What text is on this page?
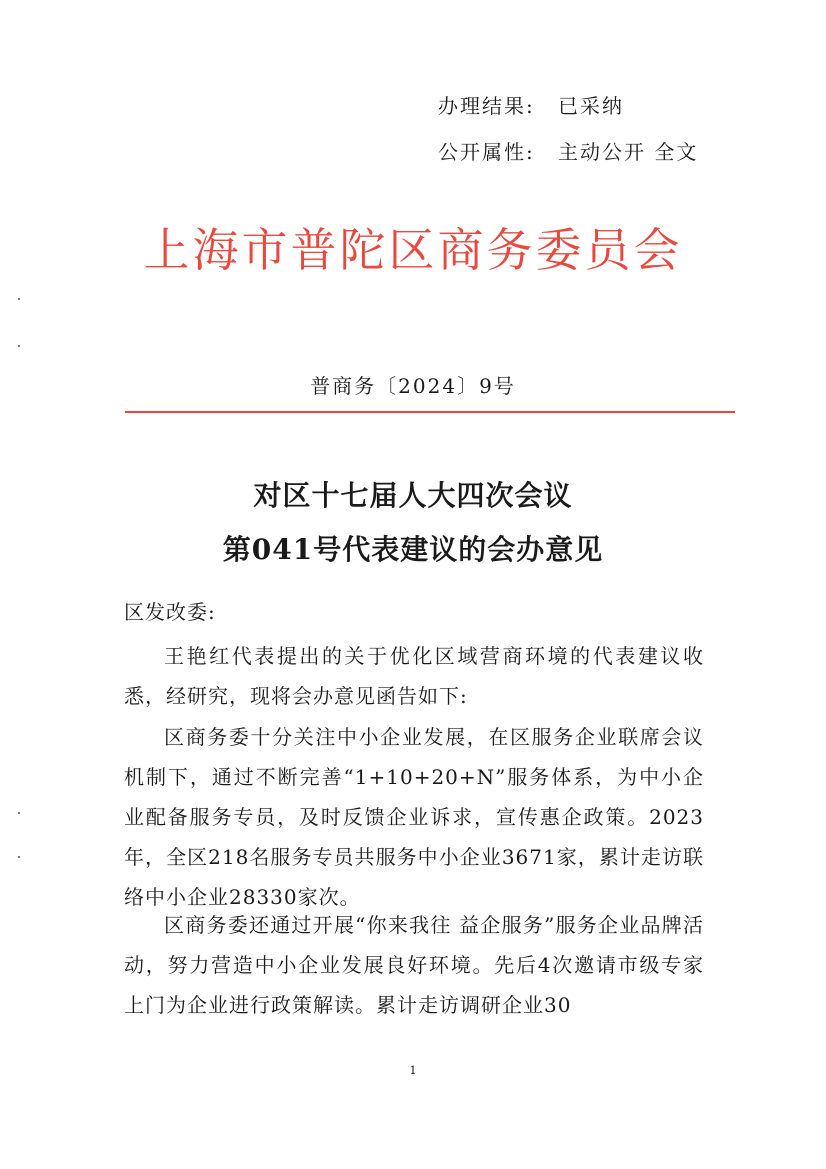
办理结果: 已采纳
公开属性: 主动公开 全文
上海市普陀区商务委员会
普商务〔2024〕9号
对区十七届人大四次会议
第041号代表建议的会办意见

区发改委:

王艳红代表提出的关于优化区域营商环境的代表建议收悉，经研究，现将会办意见函告如下:

区商务委十分关注中小企业发展，在区服务企业联席会议机制下，通过不断完善“1+10+20+N”服务体系，为中小企业配备服务专员，及时反馈企业诉求，宣传惠企政策。2023年，全区218名服务专员共服务中小企业3671家，累计走访联络中小企业28330家次。

区商务委还通过开展“你来我往 益企服务”服务企业品牌活动，努力营造中小企业发展良好环境。先后4次邀请市级专家上门为企业进行政策解读。累计走访调研企业30

1
